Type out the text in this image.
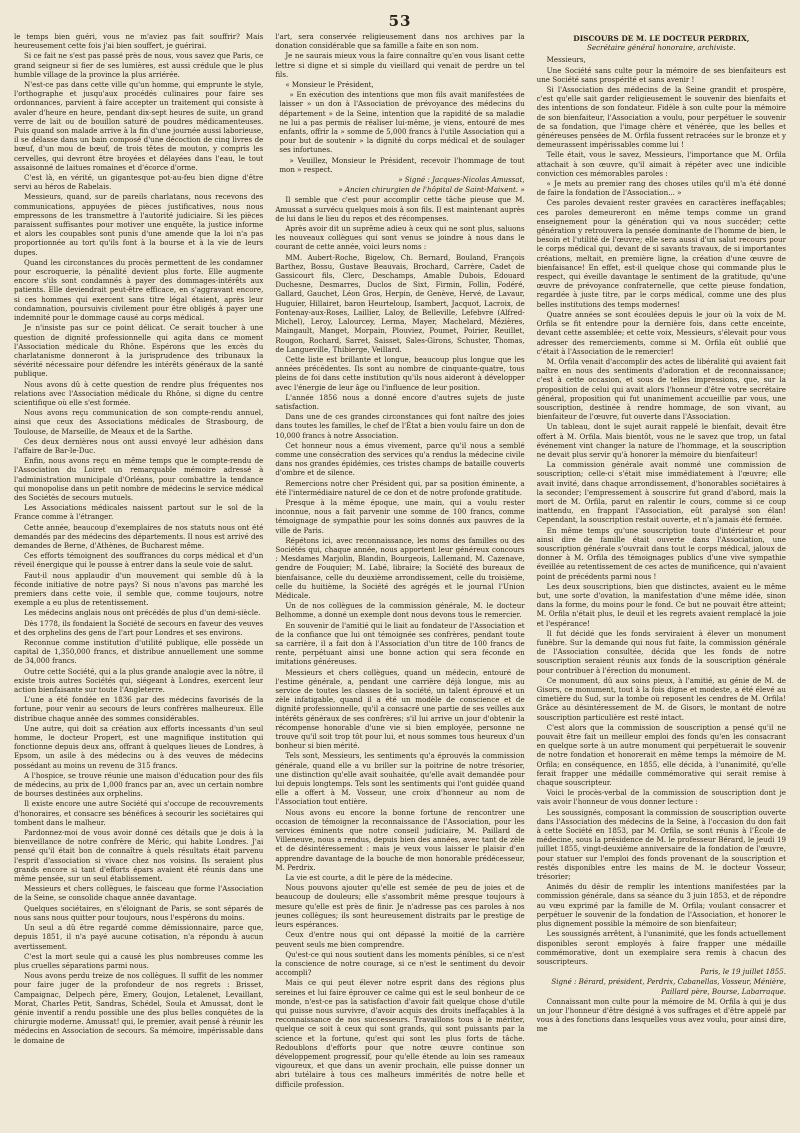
53

le temps bien guéri, vous ne m'aviez pas fait souffrir? Mais heureusement cette fois j'ai bien souffert, je guérirai.

Si ce fait ne s'est pas passé près de nous, vous savez que Paris, ce grand seigneur si fier de ses lumières, est aussi crédule que le plus humble village de la province la plus arriérée.

N'est-ce pas dans cette ville qu'un homme, qui emprunte le style, l'orthographe et jusqu'aux procédés culinaires pour faire ses ordonnances, parvient à faire accepter un traitement qui consiste à avaler d'heure en heure, pendant dix-sept heures de suite, un grand verre de lait ou de bouillon saturé de poudres médicamenteuses. Puis quand son malade arrive à la fin d'une journée aussi laborieuse, il se délasse dans un bain composé d'une décoction de cinq livres de bœuf, d'un mou de bœuf, de trois têtes de mouton, y compris les cervelles, qui devront être broyées et délayées dans l'eau, le tout assaisonné de laitues romaines et d'écorce d'orme.

C'est là, en vérité, un gigantesque pot-au-feu bien digne d'être servi au héros de Rabelais.

Messieurs, quand, sur de pareils charlatans, nous recevons des communications, appuyées de pièces justificatives, nous nous empressons de les transmettre à l'autorité judiciaire. Si les pièces paraissent suffisantes pour motiver une enquête, la justice informe et alors les coupables sont punis d'une amende que la loi n'a pas proportionnée au tort qu'ils font à la bourse et à la vie de leurs dupes.

Quand les circonstances du procès permettent de les condamner pour escroquerie, la pénalité devient plus forte. Elle augmente encore s'ils sont condamnés à payer des dommages-intérêts aux patients. Elle deviendrait peut-être efficace, en s'aggravant encore, si ces hommes qui exercent sans titre légal étaient, après leur condamnation, poursuivis civilement pour être obligés à payer une indemnité pour le dommage causé au corps médical.

Je n'insiste pas sur ce point délicat. Ce serait toucher à une question de dignité professionnelle qui agita dans ce moment l'Association médicale du Rhône. Espérons que les excès du charlatanisme donneront à la jurisprudence des tribunaux la sévérité nécessaire pour défendre les intérêts généraux de la santé publique.

Nous avons dû à cette question de rendre plus fréquentes nos relations avec l'Association médicale du Rhône, si digne du centre scientifique où elle s'est formée.

Nous avons reçu communication de son compte-rendu annuel, ainsi que ceux des Associations médicales de Strasbourg, de Toulouse, de Marseille, de Meaux et de la Sarthe.

Ces deux dernières nous ont aussi envoyé leur adhésion dans l'affaire de Bar-le-Duc.

Enfin, nous avons reçu en même temps que le compte-rendu de l'Association du Loiret un remarquable mémoire adressé à l'administration municipale d'Orléans, pour combattre la tendance qui monopolise dans un petit nombre de médecins le service médical des Sociétés de secours mutuels.

Les Associations médicales naissent partout sur le sol de la France comme à l'étranger.

Cette année, beaucoup d'exemplaires de nos statuts nous ont été demandés par des médecins des départements. Il nous est arrivé des demandes de Berne, d'Athènes, de Bucharest même.

Ces efforts témoignent des souffrances du corps médical et d'un réveil énergique qui le pousse à entrer dans la seule voie de salut.

Faut-il nous applaudir d'un mouvement qui semble dû à la féconde initiative de notre pays? Si nous n'avons pas marché les premiers dans cette voie, il semble que, comme toujours, notre exemple a eu plus de retentissement.

Les médecins anglais nous ont précédés de plus d'un demi-siècle.

Dès 1778, ils fondaient la Société de secours en faveur des veuves et des orphelins des gens de l'art pour Londres et ses environs.

Reconnue comme institution d'utilité publique, elle possède un capital de 1,350,000 francs, et distribue annuellement une somme de 34,000 francs.

Outre cette Société, qui a la plus grande analogie avec la nôtre, il existe trois autres Sociétés qui, siégeant à Londres, exercent leur action bienfaisante sur toute l'Angleterre.

L'une a été fondée en 1836 par des médecins favorisés de la fortune, pour venir au secours de leurs confrères malheureux. Elle distribue chaque année des sommes considérables.

Une autre, qui doit sa création aux efforts incessants d'un seul homme, le docteur Propert, est une magnifique institution qui fonctionne depuis deux ans, offrant à quelques lieues de Londres, à Epsom, un asile à des médecins ou à des veuves de médecins possédant au moins un revenu de 315 francs.

A l'hospice, se trouve réunie une maison d'éducation pour des fils de médecins, au prix de 1,000 francs par an, avec un certain nombre de bourses destinées aux orphelins.

Il existe encore une autre Société qui s'occupe de recouvrements d'honoraires, et consacre ses bénéfices à secourir les sociétaires qui tombent dans le malheur.

Pardonnez-moi de vous avoir donné ces détails que je dois à la bienveillance de notre confrère de Méric, qui habite Londres. J'ai pensé qu'il était bon de connaître à quels résultats était parvenu l'esprit d'association si vivace chez nos voisins. Ils seraient plus grands encore si tant d'efforts épars avaient été réunis dans une même pensée, sur un seul établissement.

Messieurs et chers collègues, le faisceau que forme l'Association de la Seine, se consolide chaque année davantage.

Quelques sociétaires, en s'éloignant de Paris, se sont séparés de nous sans nous quitter pour toujours, nous l'espérons du moins.

Un seul a dû être regardé comme démissionnaire, parce que, depuis 1851, il n'a payé aucune cotisation, n'a répondu à aucun avertissement.

C'est la mort seule qui a causé les plus nombreuses comme les plus cruelles séparations parmi nous.

Nous avons perdu treize de nos collègues. Il suffit de les nommer pour faire juger de la profondeur de nos regrets : Brisset, Campaignac, Delpech père, Emery, Goujon, Letalenet, Levaillant, Morat, Charles Petit, Sandras, Schédel, Soula et Amussat, dont le génie inventif a rendu possible une des plus belles conquêtes de la chirurgie moderne. Amussat! qui, le premier, avait pensé à réunir les médecins en Association de secours. Sa mémoire, impérissable dans le domaine de

l'art, sera conservée religieusement dans nos archives par la donation considérable que sa famille a faite en son nom.

Je ne saurais mieux vous la faire connaître qu'en vous lisant cette lettre si digne et si simple du vieillard qui venait de perdre un tel fils.

« Monsieur le Président,

» En exécution des intentions que mon fils avait manifestées de laisser » un don à l'Association de prévoyance des médecins du département » de la Seine, intention que la rapidité de sa maladie ne lui a pas permis de réaliser lui-même, je viens, entouré de mes enfants, offrir la » somme de 5,000 francs à l'utile Association qui a pour but de soutenir » la dignité du corps médical et de soulager ses infortunes.

» Veuillez, Monsieur le Président, recevoir l'hommage de tout mon » respect.

» Signé : Jacques-Nicolas Amussat,

» Ancien chirurgien de l'hôpital de Saint-Maixent. »

Il semble que c'est pour accomplir cette tâche pieuse que M. Amussat a survécu quelques mois à son fils. Il est maintenant auprès de lui dans le lieu du repos et des récompenses.

Après avoir dit un suprême adieu à ceux qui ne sont plus, saluons les nouveaux collègues qui sont venus se joindre à nous dans le courant de cette année, voici leurs noms :

MM. Aubert-Roche, Bigelow, Ch. Bernard, Bouland, François Barthez, Bossu, Gustave Beauvais, Brochard, Carrère, Cadet de Gassicourt fils, Clerc, Deschamps, Amable Dubois, Edouard Duchesne, Desmarres, Duclos de Sixt, Firmin, Follin, Fodéré, Gallard, Gauchet, Léon Gros, Herpin, de Genève, Hervé, de Lavaur, Huguier, Hillairet, baron Heurteloup, Isambert, Jacquot, Lacroix, de Fontenay-aux-Roses, Laillier, Laloy, de Belleville, Lefebvre (Alfred-Michel), Leroy, Lalourcey, Lerma, Mayer, Machelard, Mézières, Maingault, Manget, Morpain, Plouviez, Poumet, Poirier, Reuillet, Rougon, Rochard, Sarret, Saisset, Sales-Girons, Schuster, Thomas, de Langueville, Thibierge, Veillard.

Cette liste est brillante et longue, beaucoup plus longue que les années précédentes. Ils sont au nombre de cinquante-quatre, tous pleins de foi dans cette institution qu'ils nous aideront à développer avec l'énergie de leur âge ou l'influence de leur position.

L'année 1856 nous a donné encore d'autres sujets de juste satisfaction.

Dans une de ces grandes circonstances qui font naître des joies dans toutes les familles, le chef de l'État a bien voulu faire un don de 10,000 francs à notre Association.

Cet honneur nous a émus vivement, parce qu'il nous a semblé comme une consécration des services qu'a rendus la médecine civile dans nos grandes épidémies, ces tristes champs de bataille couverts d'ombre et de silence.

Remercions notre cher Président qui, par sa position éminente, a été l'intermédiaire naturel de ce don et de notre profonde gratitude.

Presque à la même époque, une main, qui a voulu rester inconnue, nous a fait parvenir une somme de 100 francs, comme témoignage de sympathie pour les soins donnés aux pauvres de la ville de Paris.

Répétons ici, avec reconnaissance, les noms des familles ou des Sociétés qui, chaque année, nous apportent leur généreux concours : Mesdames Marjolin, Blandin, Bourgeois, Lallemand, M. Cazenave, gendre de Fouquier; M. Labé, libraire; la Société des bureaux de bienfaisance, celle du deuxième arrondissement, celle du troisième, celle du huitième, la Société des agrégés et le journal l'Union Médicale.

Un de nos collègues de la commission générale, M. le docteur Belhomme, a donné un exemple dont nous devons tous le remercier.

En souvenir de l'amitié qui le liait au fondateur de l'Association et de la confiance que lui ont témoignée ses confrères, pendant toute sa carrière, il a fait don à l'Association d'un titre de 100 francs de rente, perpétuant ainsi une bonne action qui sera féconde en imitations généreuses.

Messieurs et chers collègues, quand un médecin, entouré de l'estime générale, a, pendant une carrière déjà longue, mis au service de toutes les classes de la société, un talent éprouvé et un zèle infatigable, quand il a été un modèle de conscience et de dignité professionnelle, qu'il a consacré une partie de ses veilles aux intérêts généraux de ses confrères; s'il lui arrive un jour d'obtenir la récompense honorable d'une vie si bien employée, personne ne trouve qu'il soit trop tôt pour lui, et nous sommes tous heureux d'un bonheur si bien mérité.

Tels sont, Messieurs, les sentiments qu'a éprouvés la commission générale, quand elle a vu briller sur la poitrine de notre trésorier, une distinction qu'elle avait souhaitée, qu'elle avait demandée pour lui depuis longtemps. Tels sont les sentiments qui l'ont guidée quand elle a offert à M. Vosseur, une croix d'honneur au nom de l'Association tout entière.

Nous avons eu encore la bonne fortune de rencontrer une occasion de témoigner la reconnaissance de l'Association, pour les services éminents que notre conseil judiciaire, M. Paillard de Villeneuve, nous a rendus, depuis bien des années, avec tant de zèle et de désintéressement : mais je veux vous laisser le plaisir d'en apprendre davantage de la bouche de mon honorable prédécesseur, M. Perdrix.

La vie est courte, a dit le père de la médecine.

Nous pouvons ajouter qu'elle est semée de peu de joies et de beaucoup de douleurs; elle s'assombrit même presque toujours à mesure qu'elle est près de finir. Je n'adresse pas ces paroles à nos jeunes collègues; ils sont heureusement distraits par le prestige de leurs espérances.

Ceux d'entre nous qui ont dépassé la moitié de la carrière peuvent seuls me bien comprendre.

Qu'est-ce qui nous soutient dans les moments pénibles, si ce n'est la conscience de notre courage, si ce n'est le sentiment du devoir accompli?

Mais ce qui peut élever notre esprit dans des régions plus sereines et lui faire éprouver ce calme qui est le seul bonheur de ce monde, n'est-ce pas la satisfaction d'avoir fait quelque chose d'utile qui puisse nous survivre, d'avoir acquis des droits ineffaçables à la reconnaissance de nos successeurs. Travaillons tous à le mériter, quelque ce soit à ceux qui sont grands, qui sont puissants par la science et la fortune, qu'est qui sont les plus forts de tâche. Redoublons d'efforts pour que notre œuvre continue son développement progressif, pour qu'elle étende au loin ses rameaux vigoureux, et que dans un avenir prochain, elle puisse donner un abri tutélaire à tous ces malheurs immérités de notre belle et difficile profession.

DISCOURS DE M. LE DOCTEUR PERDRIX,
Secrétaire général honoraire, archiviste.

Messieurs,

Une Société sans culte pour la mémoire de ses bienfaiteurs est une Société sans prospérité et sans avenir !

Si l'Association des médecins de la Seine grandit et prospère, c'est qu'elle sait garder religieusement le souvenir des bienfaits et des intentions de son fondateur. Fidèle à son culte pour la mémoire de son bienfaiteur, l'Association a voulu, pour perpétuer le souvenir de sa fondation, que l'image chère et vénérée, que les belles et généreuses pensées de M. Orfila fussent retracées sur le bronze et y demeurassent impérissables comme lui !

Telle était, vous le savez, Messieurs, l'importance que M. Orfila attachait à son œuvre, qu'il aimait à répéter avec une indicible conviction ces mémorables paroles :

« Je mets au premier rang des choses utiles qu'il m'a été donné de faire la fondation de l'Association... »

Ces paroles devaient rester gravées en caractères ineffaçables; ces paroles demeureront en même temps comme un grand enseignement pour la génération qui va nous succéder; cette génération y retrouvera la pensée dominante de l'homme de bien, le besoin et l'utilité de l'œuvre; elle sera aussi d'un salut recours pour le corps médical qui, devant de si savants travaux, de si importantes créations, meltait, en première ligne, la création d'une œuvre de bienfaisance! En effet, est-il quelque chose qui commande plus le respect, qui éveille davantage le sentiment de la gratitude, qu'une œuvre de prévoyance confraternelle, que cette pieuse fondation, regardée à juste titre, par le corps médical, comme une des plus belles institutions des temps modernes!

Quatre années se sont écoulées depuis le jour où la voix de M. Orfila se fit entendre pour la dernière fois, dans cette enceinte, devant cette assemblée; et cette voix, Messieurs, s'élevait pour vous adresser des remerciements, comme si M. Orfila eût oublié que c'était à l'Association de le remercier!

M. Orfila venait d'accomplir des actes de libéralité qui avaient fait naître en nous des sentiments d'adoration et de reconnaissance; c'est à cette occasion, et sous de telles impressions, que, sur la proposition de celui qui avait alors l'honneur d'être votre secrétaire général, proposition qui fut unanimement accueillie par vous, une souscription, destinée à rendre hommage, de son vivant, au bienfaiteur de l'œuvre, fut ouverte dans l'Association.

Un tableau, dont le sujet aurait rappelé le bienfait, devait être offert à M. Orfila. Mais bientôt, vous ne le savez que trop, un fatal événement vint changer la nature de l'hommage, et la souscription ne devait plus servir qu'à honorer la mémoire du bienfaiteur!

La commission générale avait nommé une commission de souscription; celle-ci s'était mise immédiatement à l'œuvre; elle avait invité, dans chaque arrondissement, d'honorables sociétaires à la seconder; l'empressement à souscrire fut grand d'abord, mais la mort de M. Orfila, parut en ralentir le cours, comme si ce coup inattendu, en frappant l'Association, eût paralysé son élan! Cependant, la souscription restait ouverte, et n'a jamais été fermée.

En même temps qu'une souscription toute d'intérieur et pour ainsi dire de famille était ouverte dans l'Association, une souscription générale s'ouvrait dans tout le corps médical, jaloux de donner à M. Orfila des témoignages publics d'une vive sympathie éveillée au retentissement de ces actes de munificence, qui n'avaient point de précédents parmi nous !

Les deux souscriptions, bien que distinctes, avaient eu le même but, une sorte d'ovation, la manifestation d'une même idée, sinon dans la forme, du moins pour le fond. Ce but ne pouvait être atteint; M. Orfila n'était plus, le deuil et les regrets avaient remplacé la joie et l'espérance!

Il fut décidé que les fonds serviraient à élever un monument funèbre. Sur la demande qui nous fut faite, la commission générale de l'Association consultée, décida que les fonds de notre souscription seraient réunis aux fonds de la souscription générale pour contribuer à l'érection du monument.

Ce monument, dû aux soins pieux, à l'amitié, au génie de M. de Gisors, ce monument, tout à la fois digne et modeste, a été élevé au cimetière du Sud, sur la tombe où reposent les cendres de M. Orfila! Grâce au désintéressement de M. de Gisors, le montant de notre souscription particulière est resté intact.

C'est alors que la commission de souscription a pensé qu'il ne pouvait être fait un meilleur emploi des fonds qu'en les consacrant en quelque sorte à un autre monument qui perpétuerait le souvenir de notre fondation et honorerait en même temps la mémoire de M. Orfila; en conséquence, en 1855, elle décida, à l'unanimité, qu'elle ferait frapper une médaille commémorative qui serait remise à chaque souscripteur.

Voici le procès-verbal de la commission de souscription dont je vais avoir l'honneur de vous donner lecture :

Les soussignés, composant la commission de souscription ouverte dans l'Association des médecins de la Seine, à l'occasion du don fait à cette Société en 1853, par M. Orfila, se sont réunis à l'École de médecine, sous la présidence de M. le professeur Bérard, le jeudi 19 juillet 1855, vingt-deuxième anniversaire de la fondation de l'œuvre, pour statuer sur l'emploi des fonds provenant de la souscription et restés disponibles entre les mains de M. le docteur Vosseur, trésorier;

Animés du désir de remplir les intentions manifestées par la commission générale, dans sa séance du 3 juin 1853, et de répondre au vœu exprimé par la famille de M. Orfila; voulant consacrer et perpétuer le souvenir de la fondation de l'Association, et honorer le plus dignement possible la mémoire de son bienfaiteur;

Les soussignés arrêtent, à l'unanimité, que les fonds actuellement disponibles seront employés à faire frapper une médaille commémorative, dont un exemplaire sera remis à chacun des souscripteurs.

Paris, le 19 juillet 1855.

Signé : Bérard, président, Perdrix, Cabanellas, Vosseur, Ménière, Paillard père, Bourse, Labarraque.

Connaissant mon culte pour la mémoire de M. Orfila à qui je dus un jour l'honneur d'être désigné à vos suffrages et d'être appelé par vous à des fonctions dans lesquelles vous avez voulu, pour ainsi dire, me
